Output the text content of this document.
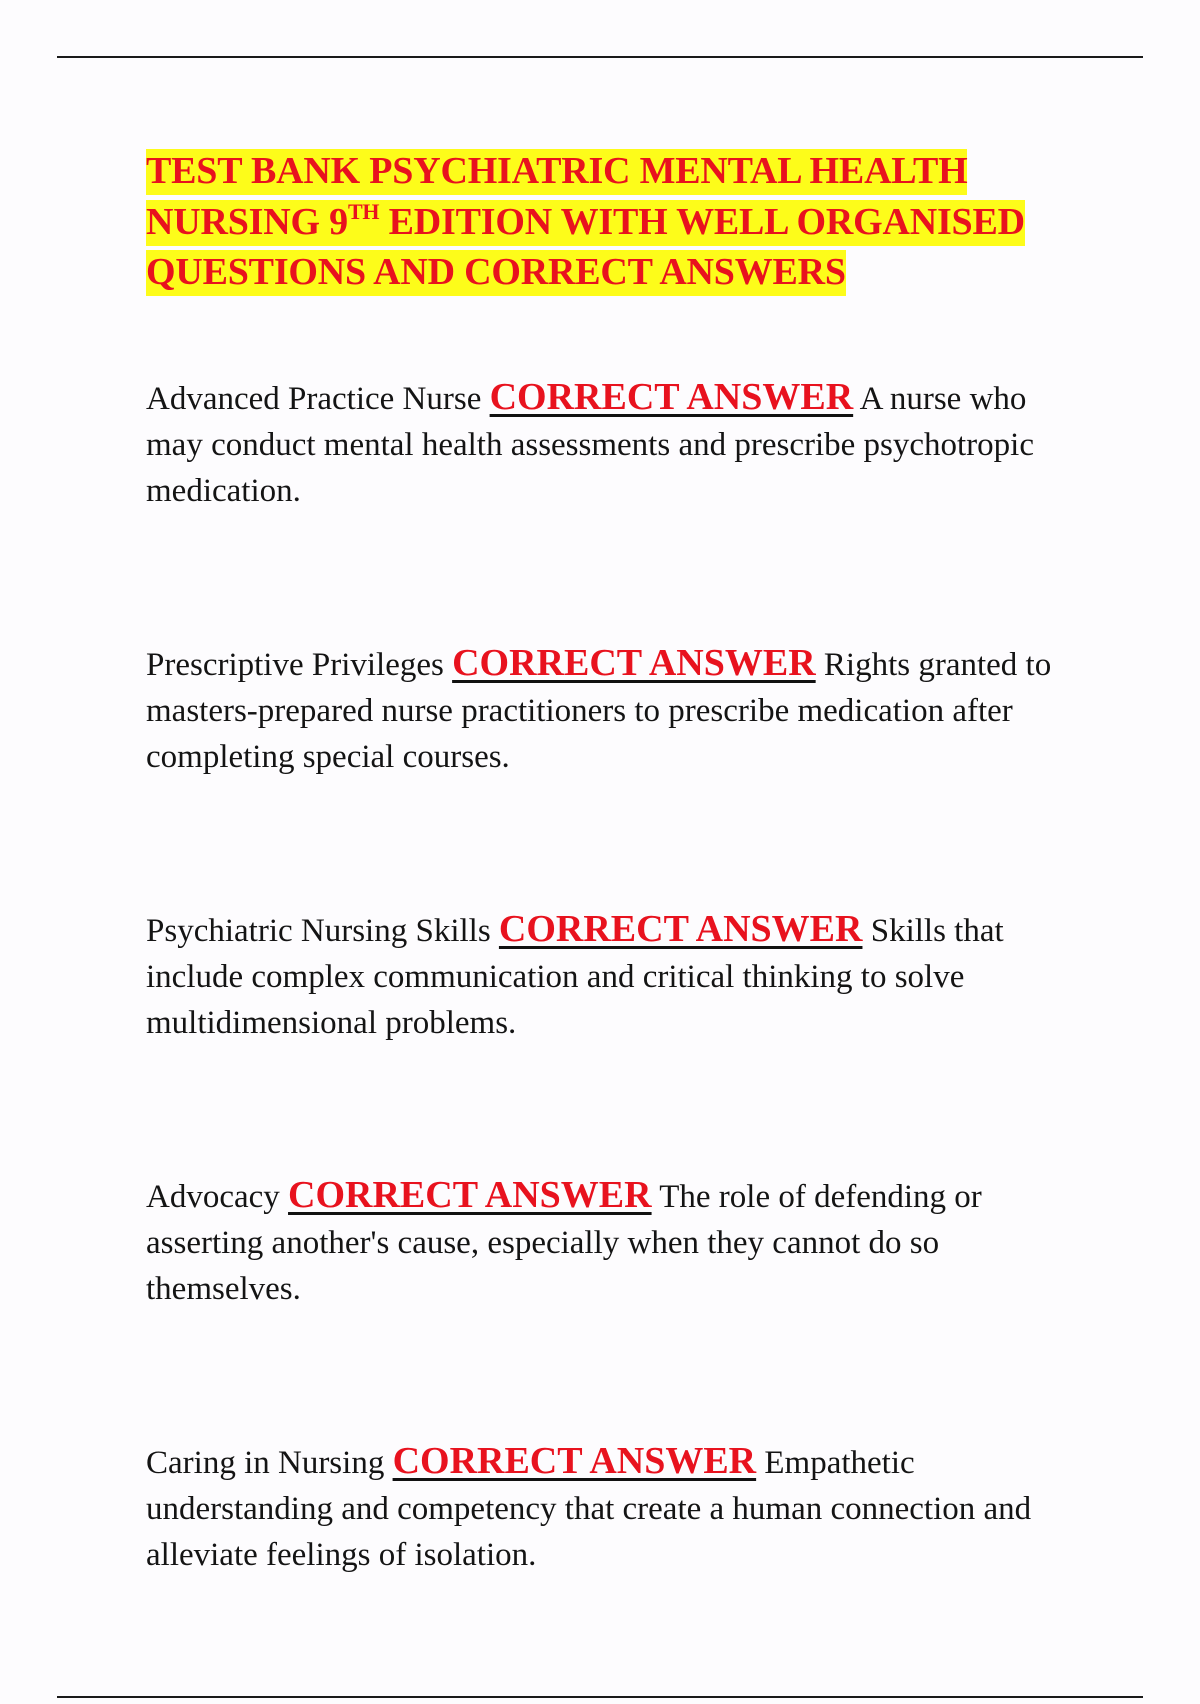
TEST BANK PSYCHIATRIC MENTAL HEALTH NURSING 9TH EDITION WITH WELL ORGANISED QUESTIONS AND CORRECT ANSWERS

Advanced Practice Nurse CORRECT ANSWER A nurse who may conduct mental health assessments and prescribe psychotropic medication.

Prescriptive Privileges CORRECT ANSWER Rights granted to masters-prepared nurse practitioners to prescribe medication after completing special courses.

Psychiatric Nursing Skills CORRECT ANSWER Skills that include complex communication and critical thinking to solve multidimensional problems.

Advocacy CORRECT ANSWER The role of defending or asserting another's cause, especially when they cannot do so themselves.

Caring in Nursing CORRECT ANSWER Empathetic understanding and competency that create a human connection and alleviate feelings of isolation.
